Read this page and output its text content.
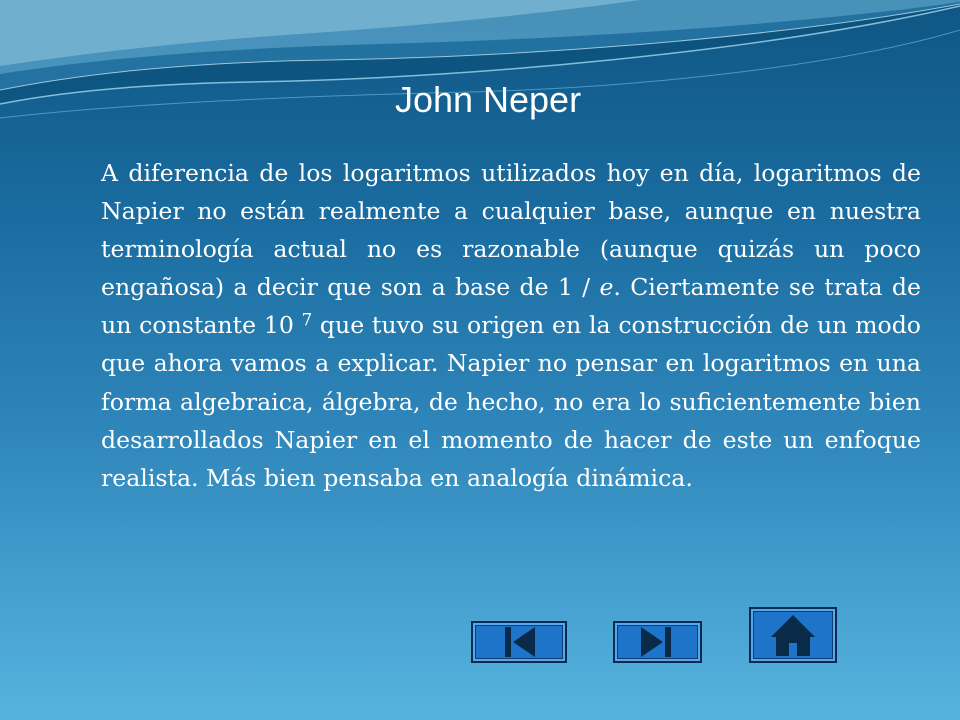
John Neper

A diferencia de los logaritmos utilizados hoy en día, logaritmos de Napier no están realmente a cualquier base, aunque en nuestra terminología actual no es razonable (aunque quizás un poco engañosa) a decir que son a base de 1 / e. Ciertamente se trata de un constante 10 $^7$ que tuvo su origen en la construcción de un modo que ahora vamos a explicar. Napier no pensar en logaritmos en una forma algebraica, álgebra, de hecho, no era lo suficientemente bien desarrollados Napier en el momento de hacer de este un enfoque realista. Más bien pensaba en analogía dinámica.
